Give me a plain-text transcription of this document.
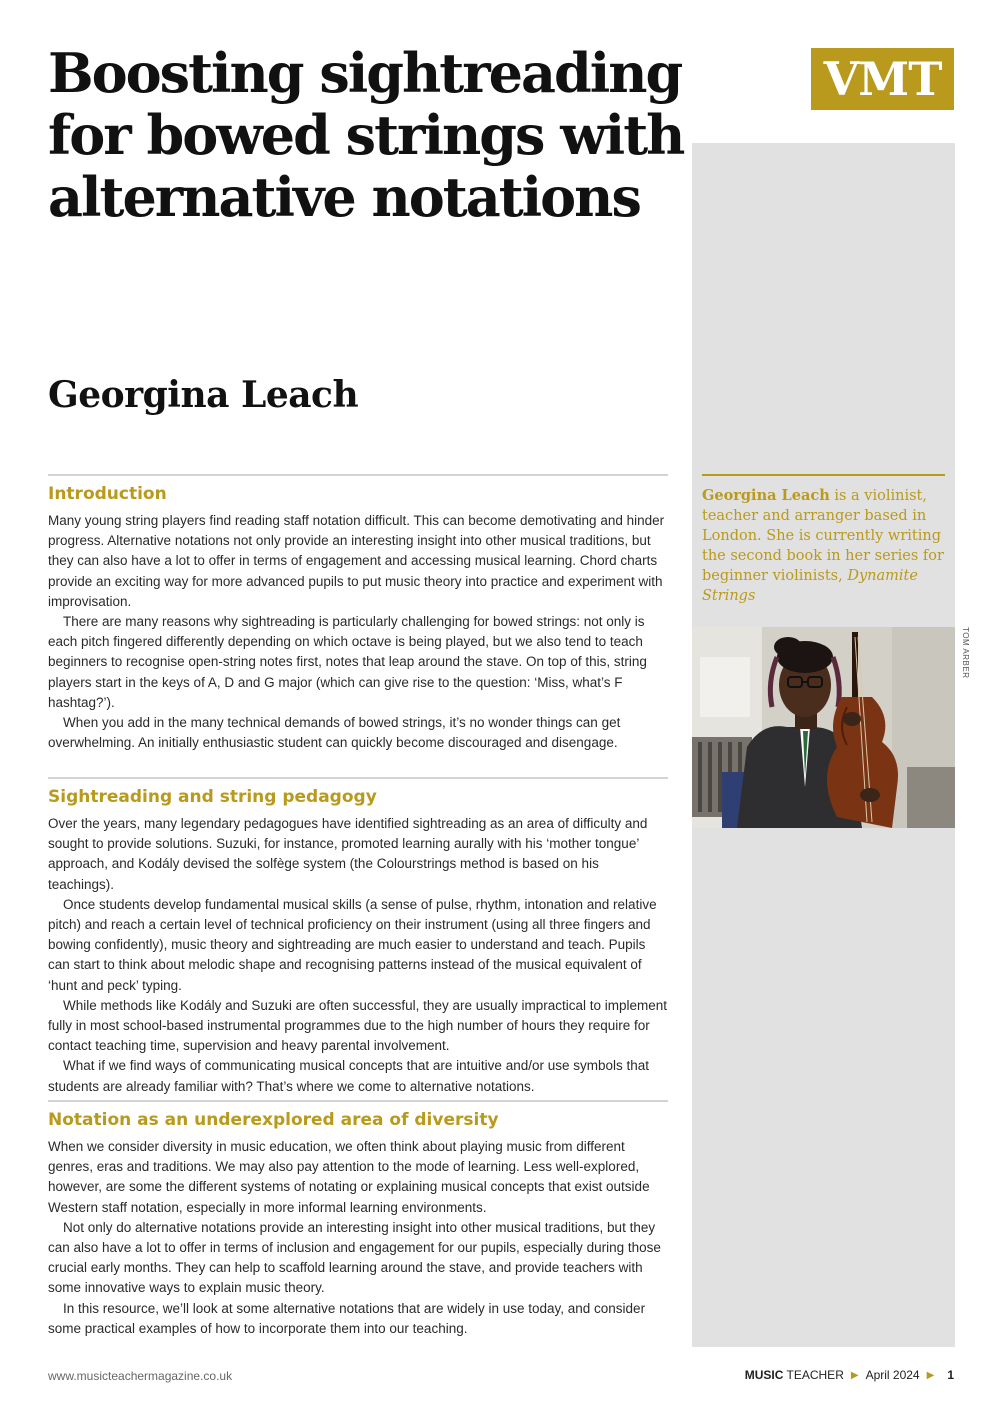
Boosting sightreading for bowed strings with alternative notations
Georgina Leach
VMT

Georgina Leach is a violinist, teacher and arranger based in London. She is currently writing the second book in her series for beginner violinists, Dynamite Strings

TOM ARBER

Introduction

Many young string players find reading staff notation difficult. This can become demotivating and hinder progress. Alternative notations not only provide an interesting insight into other musical traditions, but they can also have a lot to offer in terms of engagement and accessing musical learning. Chord charts provide an exciting way for more advanced pupils to put music theory into practice and experiment with improvisation.

There are many reasons why sightreading is particularly challenging for bowed strings: not only is each pitch fingered differently depending on which octave is being played, but we also tend to teach beginners to recognise open-string notes first, notes that leap around the stave. On top of this, string players start in the keys of A, D and G major (which can give rise to the question: ‘Miss, what’s F hashtag?’).

When you add in the many technical demands of bowed strings, it’s no wonder things can get overwhelming. An initially enthusiastic student can quickly become discouraged and disengage.

Sightreading and string pedagogy

Over the years, many legendary pedagogues have identified sightreading as an area of difficulty and sought to provide solutions. Suzuki, for instance, promoted learning aurally with his ‘mother tongue’ approach, and Kodály devised the solfège system (the Colourstrings method is based on his teachings).

Once students develop fundamental musical skills (a sense of pulse, rhythm, intonation and relative pitch) and reach a certain level of technical proficiency on their instrument (using all three fingers and bowing confidently), music theory and sightreading are much easier to understand and teach. Pupils can start to think about melodic shape and recognising patterns instead of the musical equivalent of ‘hunt and peck’ typing.

While methods like Kodály and Suzuki are often successful, they are usually impractical to implement fully in most school-based instrumental programmes due to the high number of hours they require for contact teaching time, supervision and heavy parental involvement.

What if we find ways of communicating musical concepts that are intuitive and/or use symbols that students are already familiar with? That’s where we come to alternative notations.

Notation as an underexplored area of diversity

When we consider diversity in music education, we often think about playing music from different genres, eras and traditions. We may also pay attention to the mode of learning. Less well-explored, however, are some the different systems of notating or explaining musical concepts that exist outside Western staff notation, especially in more informal learning environments.

Not only do alternative notations provide an interesting insight into other musical traditions, but they can also have a lot to offer in terms of inclusion and engagement for our pupils, especially during those crucial early months. They can help to scaffold learning around the stave, and provide teachers with some innovative ways to explain music theory.

In this resource, we’ll look at some alternative notations that are widely in use today, and consider some practical examples of how to incorporate them into our teaching.

www.musicteachermagazine.co.uk	MUSIC TEACHER ▶ April 2024 ▶ 1
